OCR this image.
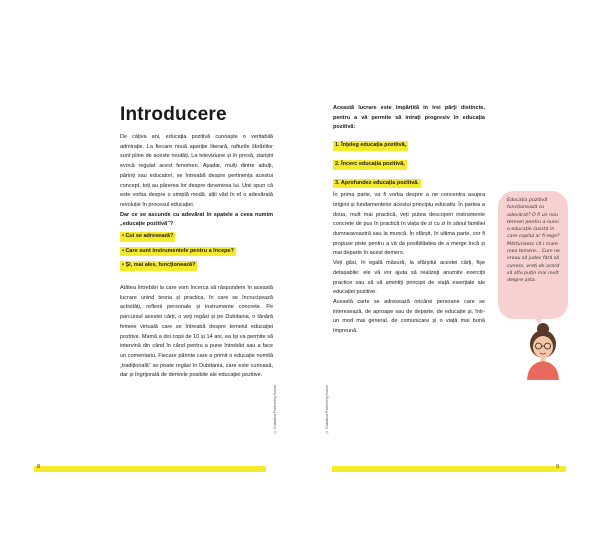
Introducere

De câțiva ani, educația pozitivă cunoaște o veritabilă admirație. La fiecare nouă apariție literară, rafturile librăriilor sunt pline de aceste noutăți. La televiziune și în presă, ziariștii evocă regulat acest fenomen. Așadar, mulți dintre adulți, părinți sau educatori, se întreabă despre pertinența acestui concept, toți au părerea lor despre devenirea lui. Unii spun că este vorba despre o simplă modă, alții văd în el o adevărată revoluție în procesul educației.

Dar ce se ascunde cu adevărat în spatele a ceea numim „educație pozitivă”?

• Cui se adresează?
• Care sunt instrumentele pentru a începe?
• Și, mai ales, funcționează?

Atâtea întrebări la care vom încerca să răspundem în această lucrare unind teoria și practica, în care se încrucișează activități, reflexii personale și instrumente concrete. Pe parcursul acestei cărți, o veți regăsi și pe Dubitania, o tânără femeie virtuală care se întreabă despre temeiul educației pozitive. Mamă a doi copii de 10 și 14 ani, ea își va permite să intervină din când în când pentru a pune întrebări sau a face un comentariu. Fiecare părinte care a primit o educație numită „tradițională” se poate regăsi în Dubitania, care este curioasă, dar și îngrijorată de derivele posibile ale educației pozitive.

© Didactica Publishing House
8

Această lucrare este împărțită în trei părți distincte, pentru a vă permite să intrați progresiv în educația pozitivă:

1. Înțeleg educația pozitivă,
2. Încerc educația pozitivă,
3. Aprofundez educația pozitivă.

În prima parte, va fi vorba despre a ne concentra asupra originii și fundamentelor acestui principiu educativ. În partea a doua, mult mai practică, veți putea descoperi instrumente concrete de pus în practică în viața de zi cu zi în sânul familiei dumneavoastră sau la muncă. În sfârșit, în ultima parte, vor fi propuse piste pentru a vă da posibilitatea de a merge încă și mai departe în acest demers.

Veți găsi, în egală măsură, la sfârșitul acestei cărți, fișe detașabile: ele vă vor ajuta să realizați anumite exerciții practice sau să vă amintiți principii de viață esențiale ale educației pozitive.

Această carte se adresează oricărei persoane care se interesează, de aproape sau de departe, de educație și, într-un mod mai general, de comunicare și o viață mai bună împreună.

Educația pozitivă funcționează cu adevărat? O fi un nou termen pentru a numi o educație laxistă în care copilul ar fi rege? Mărturisesc că-i mare mea temere... Cum ne vreau să judec fără să cunosc, vreți de acord să aflu puțin mai mult despre asta.
© Didactica Publishing House
9
